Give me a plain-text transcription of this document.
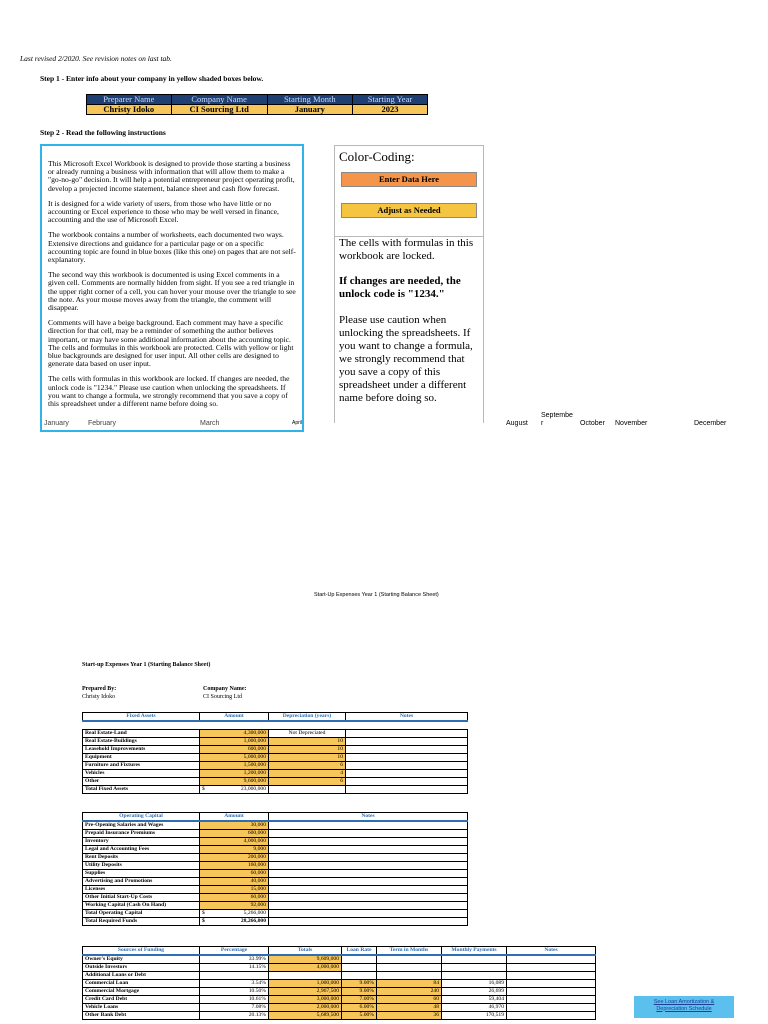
Last revised 2/2020. See revision notes on last tab.
Step 1 - Enter info about your company in yellow shaded boxes below.
Preparer Name	Company Name	Starting Month	Starting Year
Christy Idoko	CI Sourcing Ltd	January	2023
Step 2 - Read the following instructions

This Microsoft Excel Workbook is designed to provide those starting a business or already running a business with information that will allow them to make a "go-no-go" decision. It will help a potential entrepreneur project operating profit, develop a projected income statement, balance sheet and cash flow forecast.

It is designed for a wide variety of users, from those who have little or no accounting or Excel experience to those who may be well versed in finance, accounting and the use of Microsoft Excel.

The workbook contains a number of worksheets, each documented two ways. Extensive directions and guidance for a particular page or on a specific accounting topic are found in blue boxes (like this one) on pages that are not self-explanatory.

The second way this workbook is documented is using Excel comments in a given cell. Comments are normally hidden from sight. If you see a red triangle in the upper right corner of a cell, you can hover your mouse over the triangle to see the note. As your mouse moves away from the triangle, the comment will disappear.

Comments will have a beige background. Each comment may have a specific direction for that cell, may be a reminder of something the author believes important, or may have some additional information about the accounting topic. The cells and formulas in this workbook are protected. Cells with yellow or light blue backgrounds are designed for user input. All other cells are designed to generate data based on user input.

The cells with formulas in this workbook are locked. If changes are needed, the unlock code is "1234." Please use caution when unlocking the spreadsheets. If you want to change a formula, we strongly recommend that you save a copy of this spreadsheet under a different name before doing so.

January	February	March	April	August
Septembe r	October November	December
Color-Coding:
Enter Data Here
Adjust as Needed
The cells with formulas in this workbook are locked.
If changes are needed, the unlock code is "1234."
Please use caution when unlocking the spreadsheets. If you want to change a formula, we strongly recommend that you save a copy of this spreadsheet under a different name before doing so.
Start-Up Expenses Year 1 (Starting Balance Sheet)
Start-up Expenses Year 1 (Starting Balance Sheet)
Prepared By:
Christy Idoko
Company Name:
CI Sourcing Ltd
Fixed Assets	Amount	Depreciation (years)	Notes

Real Estate-Land	4,300,000	Not Depreciated	
Real Estate-Buildings	1,000,000	10	
Leasehold Improvements	600,000	10	
Equipment	5,000,000	10	
Furniture and Fixtures	1,500,000	6	
Vehicles	1,200,000	4	
Other	9,600,000	6	
Total Fixed Assets	$ 23,000,000		
Operating Capital	Amount	Notes
Pre-Opening Salaries and Wages	30,000	
Prepaid Insurance Premiums	600,000	
Inventory	4,000,000	
Legal and Accounting Fees	9,000	
Rent Deposits	200,000	
Utility Deposits	160,000	
Supplies	60,000	
Advertising and Promotions	40,000	
Licenses	15,000	
Other Initial Start-Up Costs	60,000	
Working Capital (Cash On Hand)	92,000	
Total Operating Capital	$ 5,266,000	
Total Required Funds	$ 28,266,000	
Sources of Funding	Percentage	Totals	Loan Rate	Term in Months	Monthly Payments	Notes
Owner's Equity	33.99%	9,609,000				
Outside Investors	14.15%	4,000,000				
Additional Loans or Debt						
Commercial Loan	3.54%	1,000,000	9.00%	84	16,089	
Commercial Mortgage	10.50%	2,967,500	9.00%	240	26,699	
Credit Card Debt	10.61%	3,000,000	7.00%	60	59,404	
Vehicle Loans	7.08%	2,000,000	6.00%	48	46,970	
Other Bank Debt	20.13%	5,689,500	5.00%	36	170,519	
See Loan Amortization & Depreciation Schedule
